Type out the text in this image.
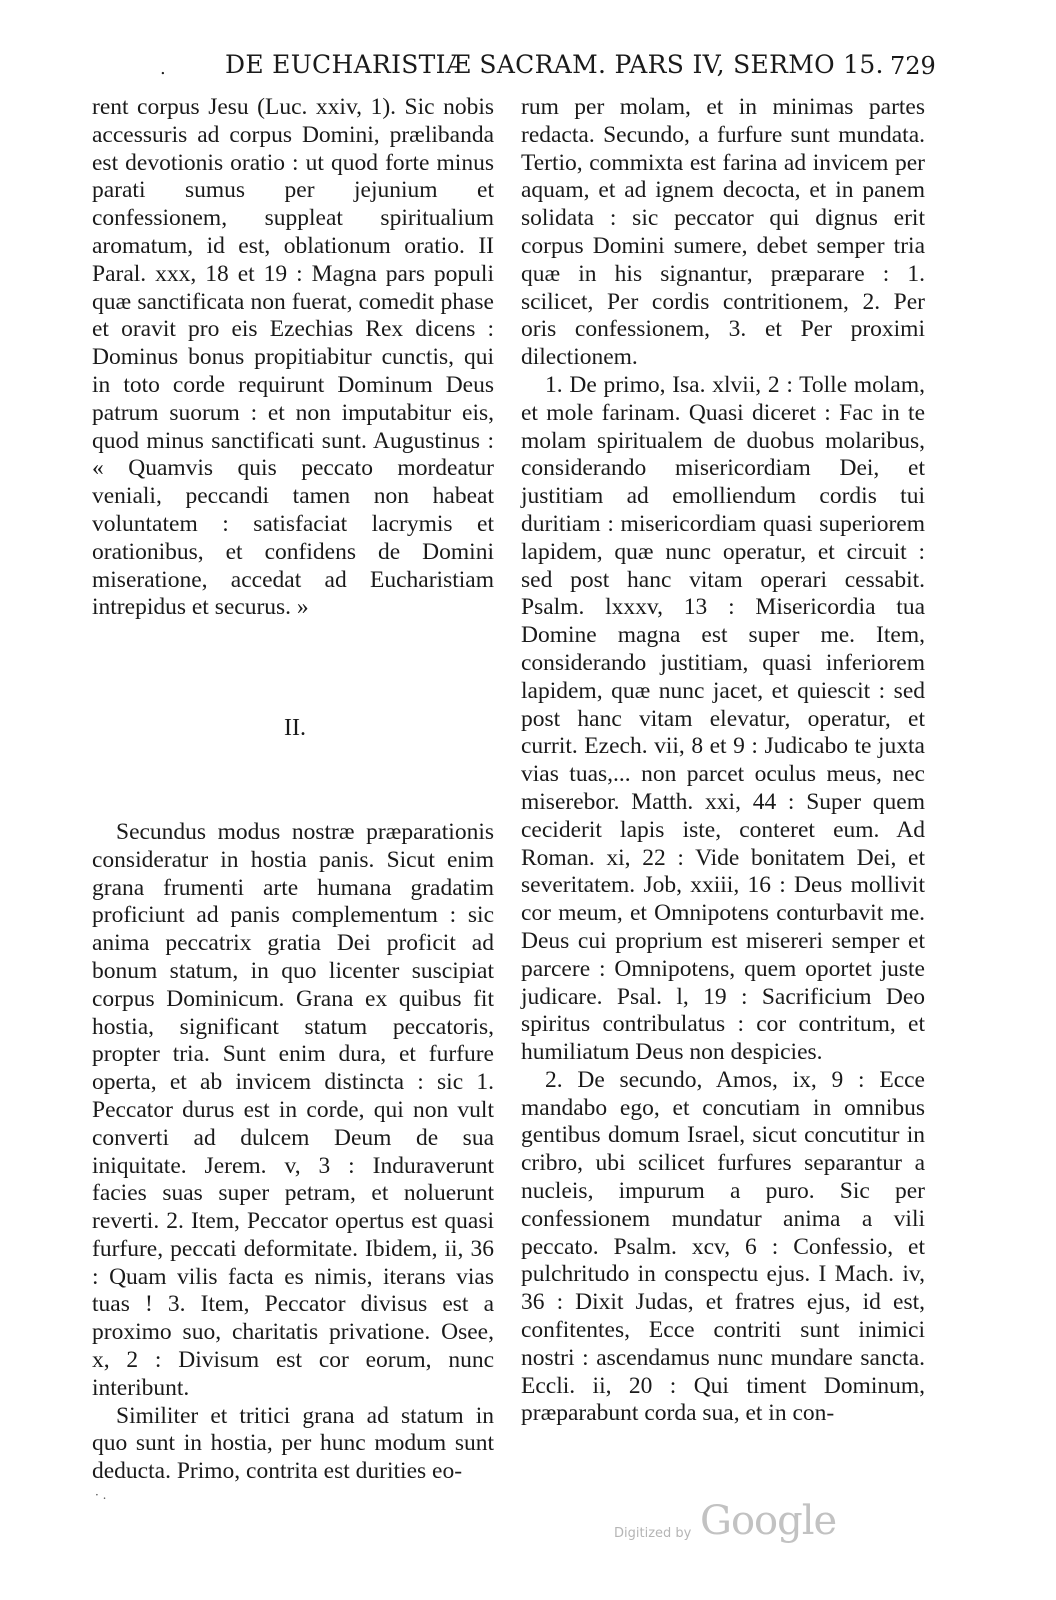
. DE EUCHARISTIÆ SACRAM. PARS IV, SERMO 15. 729

rent corpus Jesu (Luc. xxiv, 1). Sic nobis accessuris ad corpus Domini, prælibanda est devotionis oratio : ut quod forte minus parati sumus per jejunium et confessionem, suppleat spiritualium aromatum, id est, oblationum oratio. II Paral. xxx, 18 et 19 : Magna pars populi quæ sanctificata non fuerat, comedit phase et oravit pro eis Ezechias Rex dicens : Dominus bonus propitiabitur cunctis, qui in toto corde requirunt Dominum Deus patrum suorum : et non imputabitur eis, quod minus sanctificati sunt. Augustinus : « Quamvis quis peccato mordeatur veniali, peccandi tamen non habeat voluntatem : satisfaciat lacrymis et orationibus, et confidens de Domini miseratione, accedat ad Eucharistiam intrepidus et securus. »

II.

Secundus modus nostræ præparationis consideratur in hostia panis. Sicut enim grana frumenti arte humana gradatim proficiunt ad panis complementum : sic anima peccatrix gratia Dei proficit ad bonum statum, in quo licenter suscipiat corpus Dominicum. Grana ex quibus fit hostia, significant statum peccatoris, propter tria. Sunt enim dura, et furfure operta, et ab invicem distincta : sic 1. Peccator durus est in corde, qui non vult converti ad dulcem Deum de sua iniquitate. Jerem. v, 3 : Induraverunt facies suas super petram, et noluerunt reverti. 2. Item, Peccator opertus est quasi furfure, peccati deformitate. Ibidem, ii, 36 : Quam vilis facta es nimis, iterans vias tuas ! 3. Item, Peccator divisus est a proximo suo, charitatis privatione. Osee, x, 2 : Divisum est cor eorum, nunc interibunt.

Similiter et tritici grana ad statum in quo sunt in hostia, per hunc modum sunt deducta. Primo, contrita est durities eo-

rum per molam, et in minimas partes redacta. Secundo, a furfure sunt mundata. Tertio, commixta est farina ad invicem per aquam, et ad ignem decocta, et in panem solidata : sic peccator qui dignus erit corpus Domini sumere, debet semper tria quæ in his signantur, præparare : 1. scilicet, Per cordis contritionem, 2. Per oris confessionem, 3. et Per proximi dilectionem.

1. De primo, Isa. xlvii, 2 : Tolle molam, et mole farinam. Quasi diceret : Fac in te molam spiritualem de duobus molaribus, considerando misericordiam Dei, et justitiam ad emolliendum cordis tui duritiam : misericordiam quasi superiorem lapidem, quæ nunc operatur, et circuit : sed post hanc vitam operari cessabit. Psalm. lxxxv, 13 : Misericordia tua Domine magna est super me. Item, considerando justitiam, quasi inferiorem lapidem, quæ nunc jacet, et quiescit : sed post hanc vitam elevatur, operatur, et currit. Ezech. vii, 8 et 9 : Judicabo te juxta vias tuas,... non parcet oculus meus, nec miserebor. Matth. xxi, 44 : Super quem ceciderit lapis iste, conteret eum. Ad Roman. xi, 22 : Vide bonitatem Dei, et severitatem. Job, xxiii, 16 : Deus mollivit cor meum, et Omnipotens conturbavit me. Deus cui proprium est misereri semper et parcere : Omnipotens, quem oportet juste judicare. Psal. l, 19 : Sacrificium Deo spiritus contribulatus : cor contritum, et humiliatum Deus non despicies.

2. De secundo, Amos, ix, 9 : Ecce mandabo ego, et concutiam in omnibus gentibus domum Israel, sicut concutitur in cribro, ubi scilicet furfures separantur a nucleis, impurum a puro. Sic per confessionem mundatur anima a vili peccato. Psalm. xcv, 6 : Confessio, et pulchritudo in conspectu ejus. I Mach. iv, 36 : Dixit Judas, et fratres ejus, id est, confitentes, Ecce contriti sunt inimici nostri : ascendamus nunc mundare sancta. Eccli. ii, 20 : Qui timent Dominum, præparabunt corda sua, et in con-

· .
Digitized by Google
